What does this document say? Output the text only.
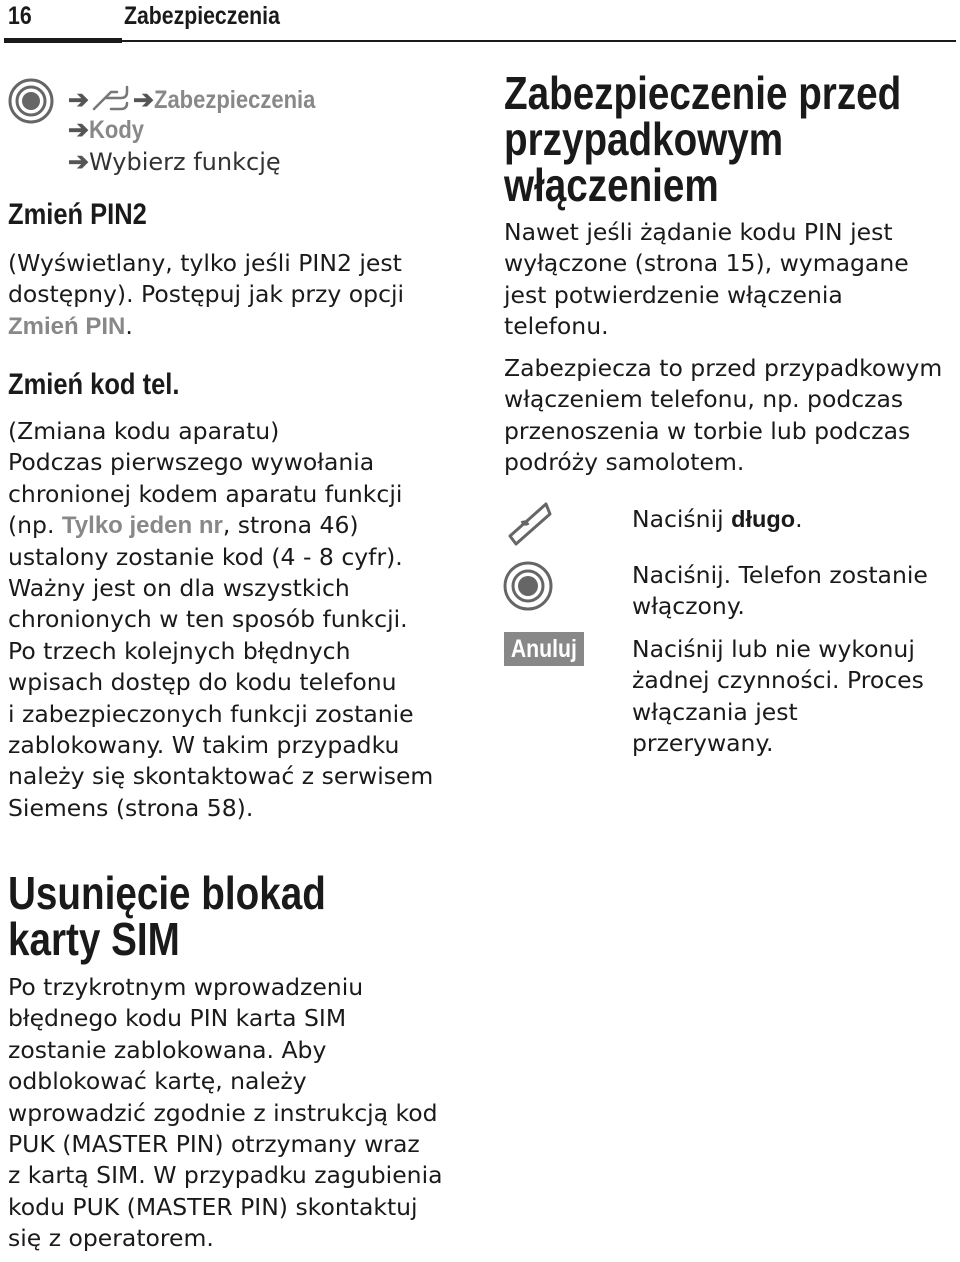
16	Zabezpieczenia
➔ ➔Zabezpieczenia
➔Kody
➔Wybierz funkcję
Zmień PIN2
(Wyświetlany, tylko jeśli PIN2 jest
dostępny). Postępuj jak przy opcji
Zmień PIN.
Zmień kod tel.
(Zmiana kodu aparatu)
Podczas pierwszego wywołania
chronionej kodem aparatu funkcji
(np. Tylko jeden nr, strona 46)
ustalony zostanie kod (4 - 8 cyfr).
Ważny jest on dla wszystkich
chronionych w ten sposób funkcji.
Po trzech kolejnych błędnych
wpisach dostęp do kodu telefonu
i zabezpieczonych funkcji zostanie
zablokowany. W takim przypadku
należy się skontaktować z serwisem
Siemens (strona 58).
Usunięcie blokad
karty SIM
Po trzykrotnym wprowadzeniu
błędnego kodu PIN karta SIM
zostanie zablokowana. Aby
odblokować kartę, należy
wprowadzić zgodnie z instrukcją kod
PUK (MASTER PIN) otrzymany wraz
z kartą SIM. W przypadku zagubienia
kodu PUK (MASTER PIN) skontaktuj
się z operatorem.
Zabezpieczenie przed
przypadkowym
włączeniem
Nawet jeśli żądanie kodu PIN jest
wyłączone (strona 15), wymagane
jest potwierdzenie włączenia
telefonu.
Zabezpiecza to przed przypadkowym
włączeniem telefonu, np. podczas
przenoszenia w torbie lub podczas
podróży samolotem.
Naciśnij długo.
Naciśnij. Telefon zostanie
włączony.
Anuluj Naciśnij lub nie wykonuj
żadnej czynności. Proces
włączania jest
przerywany.
